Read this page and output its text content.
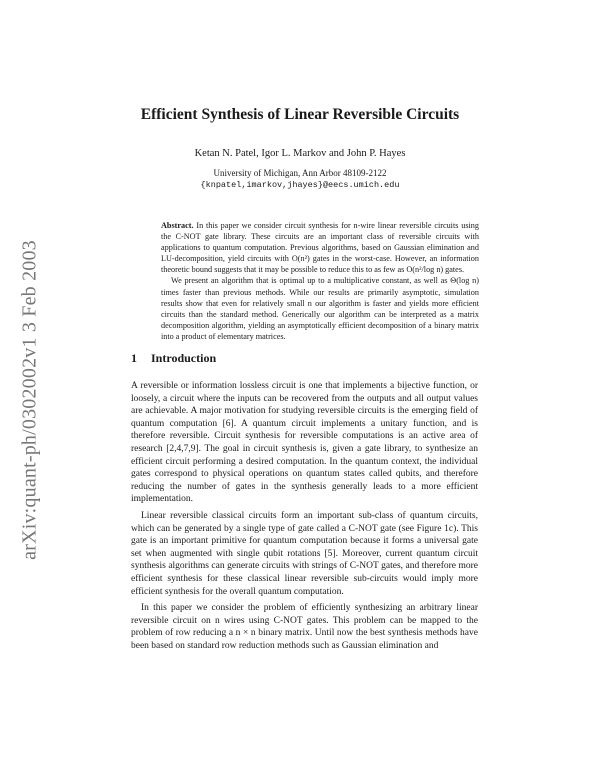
arXiv:quant-ph/0302002v1 3 Feb 2003
Efficient Synthesis of Linear Reversible Circuits
Ketan N. Patel, Igor L. Markov and John P. Hayes
University of Michigan, Ann Arbor 48109-2122
{knpatel,imarkov,jhayes}@eecs.umich.edu

Abstract. In this paper we consider circuit synthesis for n-wire linear reversible circuits using the C-NOT gate library. These circuits are an important class of reversible circuits with applications to quantum computation. Previous algorithms, based on Gaussian elimination and LU-decomposition, yield circuits with O(n²) gates in the worst-case. However, an information theoretic bound suggests that it may be possible to reduce this to as few as O(n²/log n) gates.

We present an algorithm that is optimal up to a multiplicative constant, as well as Θ(log n) times faster than previous methods. While our results are primarily asymptotic, simulation results show that even for relatively small n our algorithm is faster and yields more efficient circuits than the standard method. Generically our algorithm can be interpreted as a matrix decomposition algorithm, yielding an asymptotically efficient decomposition of a binary matrix into a product of elementary matrices.

1 Introduction

A reversible or information lossless circuit is one that implements a bijective function, or loosely, a circuit where the inputs can be recovered from the outputs and all output values are achievable. A major motivation for studying reversible circuits is the emerging field of quantum computation [6]. A quantum circuit implements a unitary function, and is therefore reversible. Circuit synthesis for reversible computations is an active area of research [2,4,7,9]. The goal in circuit synthesis is, given a gate library, to synthesize an efficient circuit performing a desired computation. In the quantum context, the individual gates correspond to physical operations on quantum states called qubits, and therefore reducing the number of gates in the synthesis generally leads to a more efficient implementation.

Linear reversible classical circuits form an important sub-class of quantum circuits, which can be generated by a single type of gate called a C-NOT gate (see Figure 1c). This gate is an important primitive for quantum computation because it forms a universal gate set when augmented with single qubit rotations [5]. Moreover, current quantum circuit synthesis algorithms can generate circuits with strings of C-NOT gates, and therefore more efficient synthesis for these classical linear reversible sub-circuits would imply more efficient synthesis for the overall quantum computation.

In this paper we consider the problem of efficiently synthesizing an arbitrary linear reversible circuit on n wires using C-NOT gates. This problem can be mapped to the problem of row reducing a n × n binary matrix. Until now the best synthesis methods have been based on standard row reduction methods such as Gaussian elimination and
